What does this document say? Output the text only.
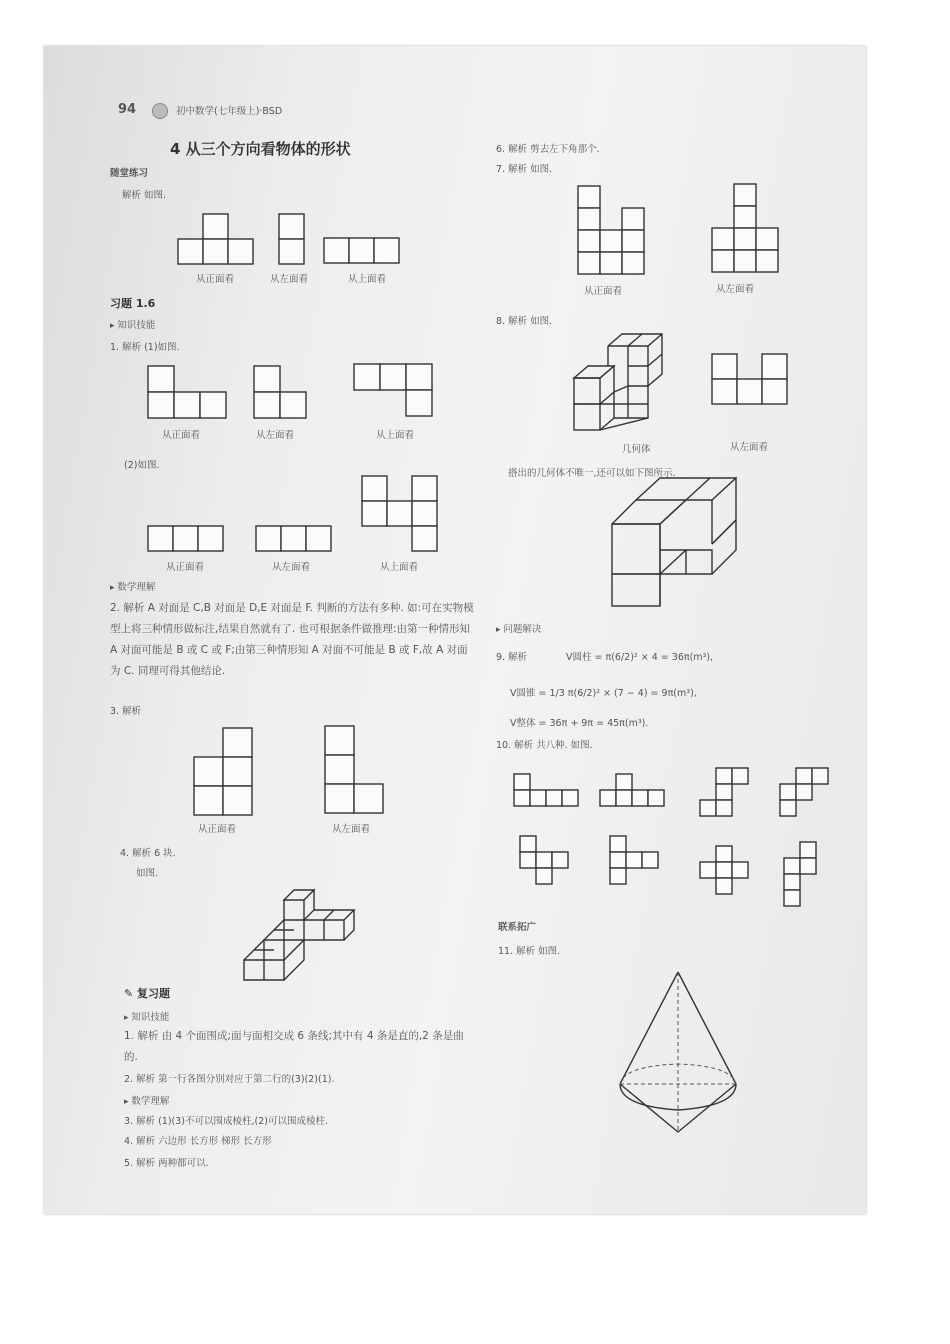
94	初中数学(七年级上)·BSD
4 从三个方向看物体的形状
随堂练习
解析 如图.
从正面看	从左面看	从上面看
习题 1.6
▸ 知识技能
1. 解析 (1)如图.
从正面看	从左面看	从上面看
(2)如图.
从正面看	从左面看	从上面看
▸ 数学理解
2. 解析 A 对面是 C,B 对面是 D,E 对面是 F. 判断的方法有多种. 如:可在实物模型上将三种情形做标注,结果自然就有了. 也可根据条件做推理:由第一种情形知 A 对面可能是 B 或 C 或 F;由第三种情形知 A 对面不可能是 B 或 F,故 A 对面为 C. 同理可得其他结论.
3. 解析
从正面看	从左面看
4. 解析 6 块.
如图.
✎ 复习题
▸ 知识技能
1. 解析 由 4 个面围成;面与面相交成 6 条线;其中有 4 条是直的,2 条是曲的.
2. 解析 第一行各图分别对应于第二行的(3)(2)(1).
▸ 数学理解
3. 解析 (1)(3)不可以围成棱柱,(2)可以围成棱柱.
4. 解析 六边形 长方形 梯形 长方形
5. 解析 两种都可以.
6. 解析 剪去左下角那个.
7. 解析 如图.
从正面看	从左面看
8. 解析 如图.
几何体	从左面看
搭出的几何体不唯一,还可以如下图所示.
▸ 问题解决
9. 解析	V圆柱 = π(6/2)² × 4 = 36π(m³),
V圆锥 = 1/3 π(6/2)² × (7 − 4) = 9π(m³),
V整体 = 36π + 9π = 45π(m³).
10. 解析 共八种. 如图.
联系拓广
11. 解析 如图.
